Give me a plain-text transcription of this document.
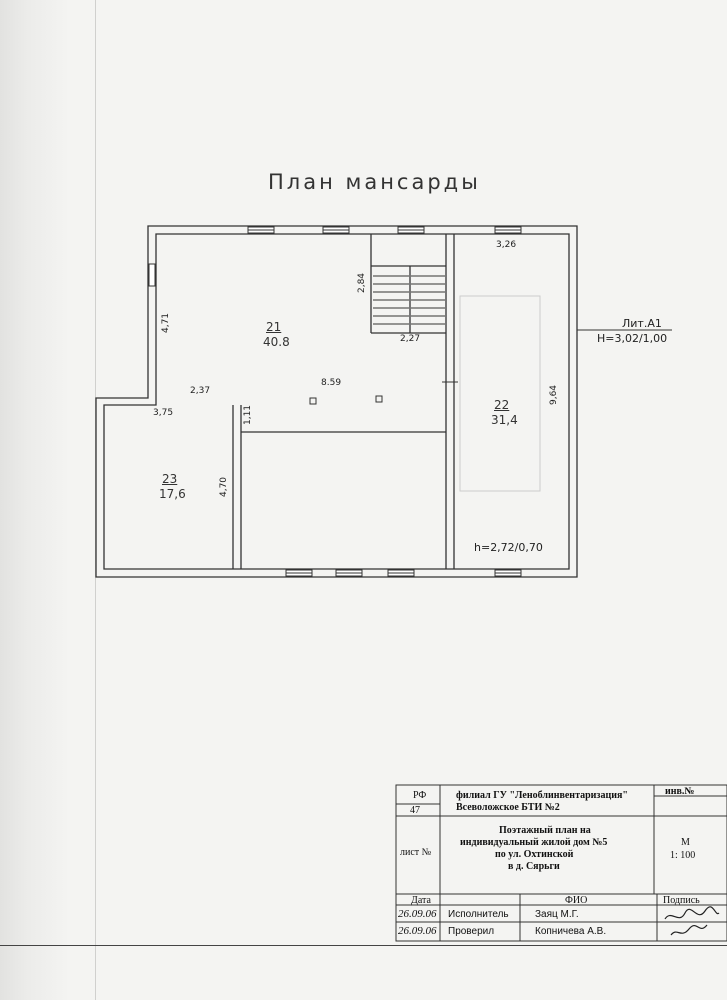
План мансарды
4,71
2,84
2,27
3,26
8.59
9,64
2,37
3,75	1,11
4,70
21
40.8
22
31,4
23
17,6
Лит.А1
H=3,02/1,00
h=2,72/0,70
РФ
47
филиал ГУ "Леноблинвентаризация"
Всеволожское БТИ №2
инв.№
лист №
Поэтажный план на
индивидуальный жилой дом №5
по ул. Охтинской
в д. Сярьги
М
1: 100
Дата	ФИО	Подпись
26.09.06 Исполнитель	Заяц М.Г.
26.09.06 Проверил	Копничева А.В.
